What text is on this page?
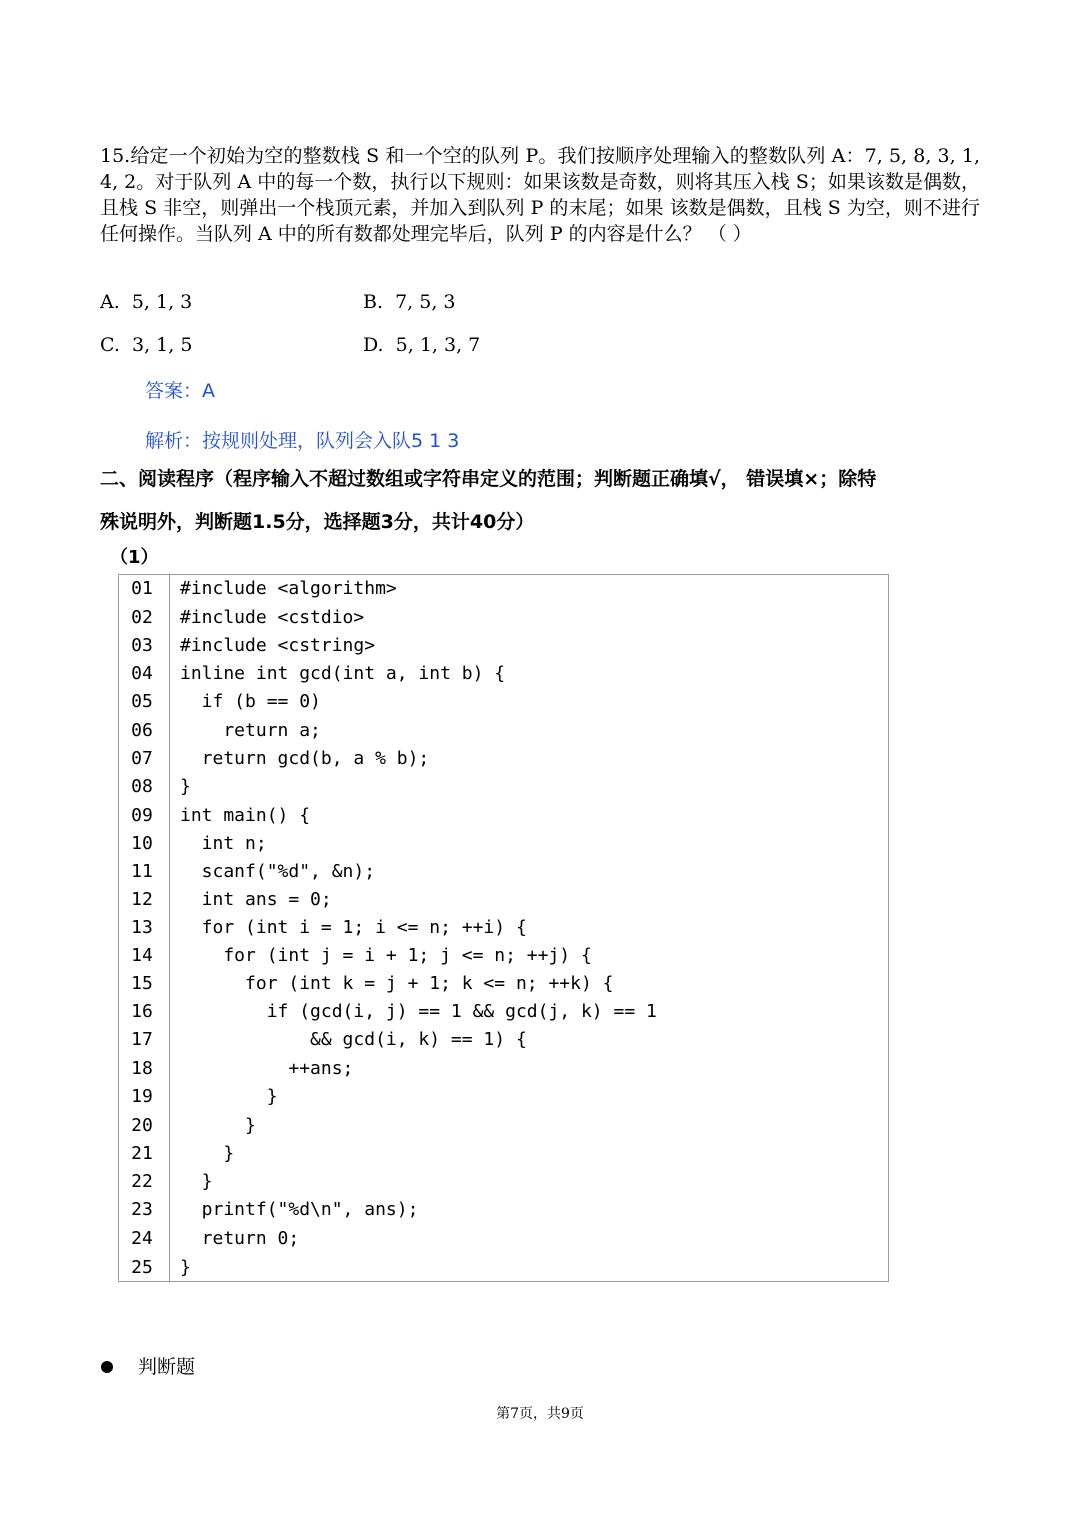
15.给定一个初始为空的整数栈 S 和一个空的队列 P。我们按顺序处理输入的整数队列 A：7, 5, 8, 3, 1, 4, 2。对于队列 A 中的每一个数，执行以下规则：如果该数是奇数，则将其压入栈 S；如果该数是偶数，且栈 S 非空，则弹出一个栈顶元素，并加入到队列 P 的末尾；如果 该数是偶数，且栈 S 为空，则不进行任何操作。当队列 A 中的所有数都处理完毕后，队列 P 的内容是什么？ （ ）
A.  5, 1, 3	B.  7, 5, 3
C.  3, 1, 5	D.  5, 1, 3, 7
答案：A
解析：按规则处理，队列会入队5 1 3
二、阅读程序（程序输入不超过数组或字符串定义的范围；判断题正确填√， 错误填×；除特
殊说明外，判断题1.5分，选择题3分，共计40分）
（1）
01	#include <algorithm>
02	#include <cstdio>
03	#include <cstring>
04	inline int gcd(int a, int b) {
05	if (b == 0)
06	return a;
07	return gcd(b, a % b);
08	}
09	int main() {
10	int n;
11	scanf("%d", &n);
12	int ans = 0;
13	for (int i = 1; i <= n; ++i) {
14	for (int j = i + 1; j <= n; ++j) {
15	for (int k = j + 1; k <= n; ++k) {
16	if (gcd(i, j) == 1 && gcd(j, k) == 1
17	&& gcd(i, k) == 1) {
18	++ans;
19	}
20	}
21	}
22	}
23	printf("%d\n", ans);
24	return 0;
25	}
判断题
第7页，共9页
